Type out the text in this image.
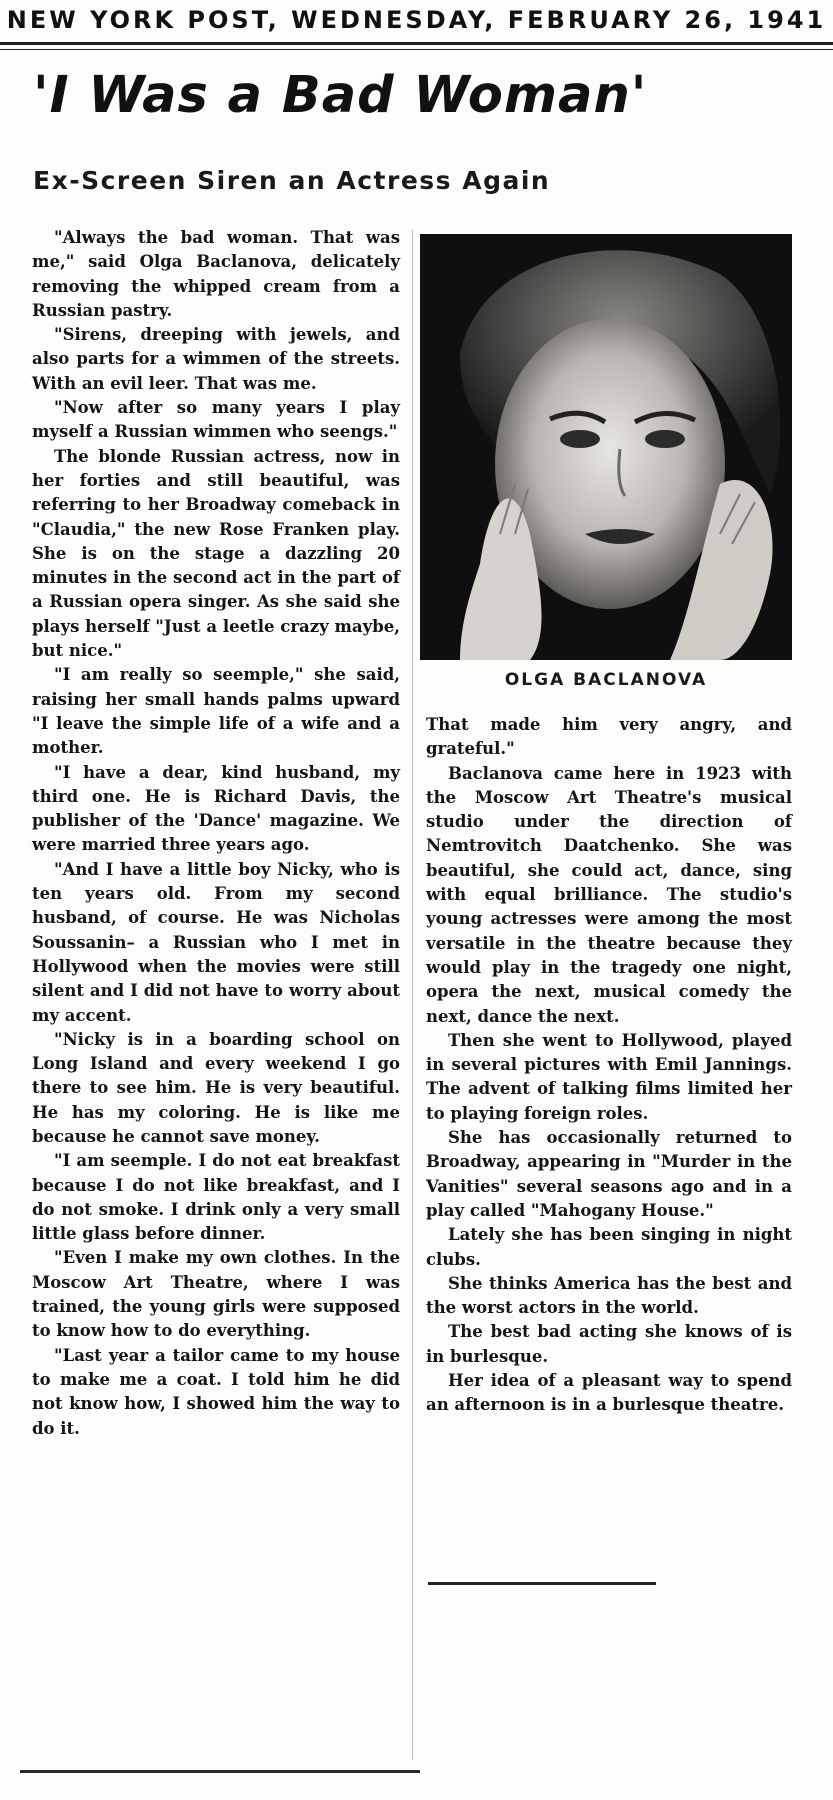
NEW YORK POST, WEDNESDAY, FEBRUARY 26, 1941
'I Was a Bad Woman'
Ex-Screen Siren an Actress Again

"Always the bad woman. That was me," said Olga Baclanova, delicately removing the whipped cream from a Russian pastry.

"Sirens, dreeping with jewels, and also parts for a wimmen of the streets. With an evil leer. That was me.

"Now after so many years I play myself a Russian wimmen who seengs."

The blonde Russian actress, now in her forties and still beautiful, was referring to her Broadway comeback in "Claudia," the new Rose Franken play. She is on the stage a dazzling 20 minutes in the second act in the part of a Russian opera singer. As she said she plays herself "Just a leetle crazy maybe, but nice."

"I am really so seemple," she said, raising her small hands palms upward "I leave the simple life of a wife and a mother.

"I have a dear, kind husband, my third one. He is Richard Davis, the publisher of the 'Dance' magazine. We were married three years ago.

"And I have a little boy Nicky, who is ten years old. From my second husband, of course. He was Nicholas Soussanin– a Russian who I met in Hollywood when the movies were still silent and I did not have to worry about my accent.

"Nicky is in a boarding school on Long Island and every weekend I go there to see him. He is very beautiful. He has my coloring. He is like me because he cannot save money.

"I am seemple. I do not eat breakfast because I do not like breakfast, and I do not smoke. I drink only a very small little glass before dinner.

"Even I make my own clothes. In the Moscow Art Theatre, where I was trained, the young girls were supposed to know how to do everything.

"Last year a tailor came to my house to make me a coat. I told him he did not know how, I showed him the way to do it.

OLGA BACLANOVA

That made him very angry, and grateful."

Baclanova came here in 1923 with the Moscow Art Theatre's musical studio under the direction of Nemtrovitch Daatchenko. She was beautiful, she could act, dance, sing with equal brilliance. The studio's young actresses were among the most versatile in the theatre because they would play in the tragedy one night, opera the next, musical comedy the next, dance the next.

Then she went to Hollywood, played in several pictures with Emil Jannings. The advent of talking films limited her to playing foreign roles.

She has occasionally returned to Broadway, appearing in "Murder in the Vanities" several seasons ago and in a play called "Mahogany House."

Lately she has been singing in night clubs.

She thinks America has the best and the worst actors in the world.

The best bad acting she knows of is in burlesque.

Her idea of a pleasant way to spend an afternoon is in a burlesque theatre.
